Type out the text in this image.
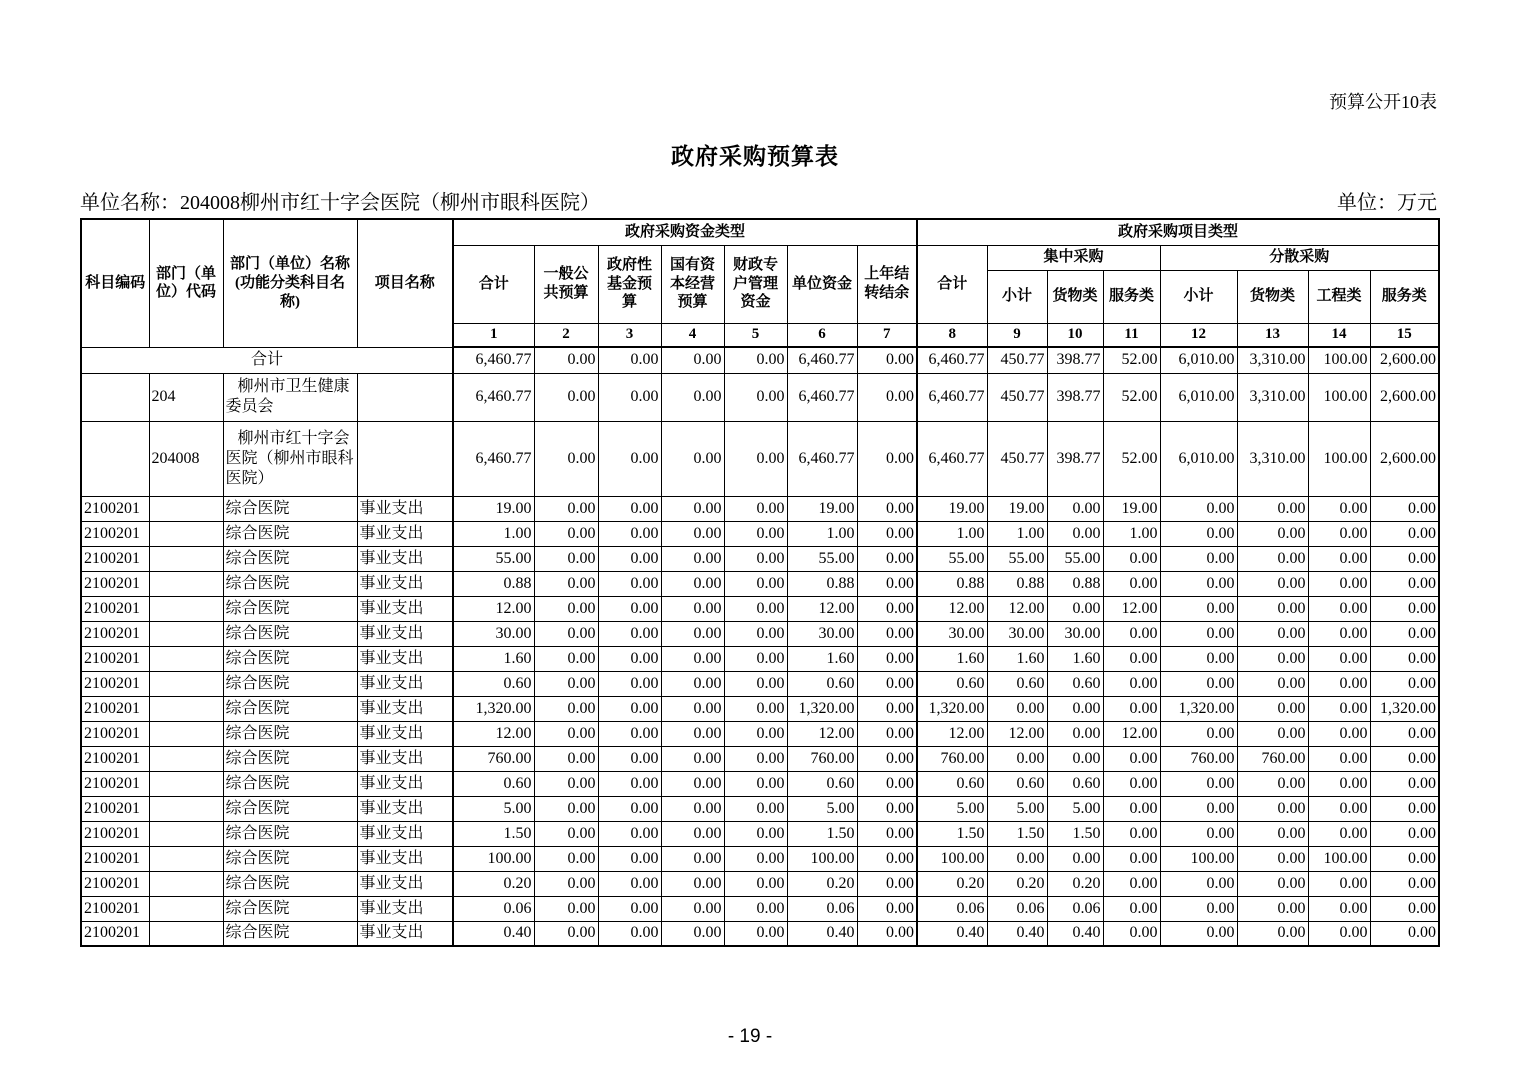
预算公开10表
政府采购预算表
单位名称：204008柳州市红十字会医院（柳州市眼科医院）	单位：万元
科目编码	部门（单位）代码	部门（单位）名称(功能分类科目名称)	项目名称	政府采购资金类型							政府采购项目类型							
				合计	一般公共预算	政府性基金预算	国有资本经营预算	财政专户管理资金	单位资金	上年结转结余	合计	集中采购			分散采购			
												小计	货物类	服务类	小计	货物类	工程类	服务类
				1	2	3	4	5	6	7	8	9	10	11	12	13	14	15
合计				6,460.77	0.00	0.00	0.00	0.00	6,460.77	0.00	6,460.77	450.77	398.77	52.00	6,010.00	3,310.00	100.00	2,600.00
	204	柳州市卫生健康委员会		6,460.77	0.00	0.00	0.00	0.00	6,460.77	0.00	6,460.77	450.77	398.77	52.00	6,010.00	3,310.00	100.00	2,600.00
	204008	柳州市红十字会医院（柳州市眼科医院）		6,460.77	0.00	0.00	0.00	0.00	6,460.77	0.00	6,460.77	450.77	398.77	52.00	6,010.00	3,310.00	100.00	2,600.00
2100201		综合医院	事业支出	19.00	0.00	0.00	0.00	0.00	19.00	0.00	19.00	19.00	0.00	19.00	0.00	0.00	0.00	0.00
2100201		综合医院	事业支出	1.00	0.00	0.00	0.00	0.00	1.00	0.00	1.00	1.00	0.00	1.00	0.00	0.00	0.00	0.00
2100201		综合医院	事业支出	55.00	0.00	0.00	0.00	0.00	55.00	0.00	55.00	55.00	55.00	0.00	0.00	0.00	0.00	0.00
2100201		综合医院	事业支出	0.88	0.00	0.00	0.00	0.00	0.88	0.00	0.88	0.88	0.88	0.00	0.00	0.00	0.00	0.00
2100201		综合医院	事业支出	12.00	0.00	0.00	0.00	0.00	12.00	0.00	12.00	12.00	0.00	12.00	0.00	0.00	0.00	0.00
2100201		综合医院	事业支出	30.00	0.00	0.00	0.00	0.00	30.00	0.00	30.00	30.00	30.00	0.00	0.00	0.00	0.00	0.00
2100201		综合医院	事业支出	1.60	0.00	0.00	0.00	0.00	1.60	0.00	1.60	1.60	1.60	0.00	0.00	0.00	0.00	0.00
2100201		综合医院	事业支出	0.60	0.00	0.00	0.00	0.00	0.60	0.00	0.60	0.60	0.60	0.00	0.00	0.00	0.00	0.00
2100201		综合医院	事业支出	1,320.00	0.00	0.00	0.00	0.00	1,320.00	0.00	1,320.00	0.00	0.00	0.00	1,320.00	0.00	0.00	1,320.00
2100201		综合医院	事业支出	12.00	0.00	0.00	0.00	0.00	12.00	0.00	12.00	12.00	0.00	12.00	0.00	0.00	0.00	0.00
2100201		综合医院	事业支出	760.00	0.00	0.00	0.00	0.00	760.00	0.00	760.00	0.00	0.00	0.00	760.00	760.00	0.00	0.00
2100201		综合医院	事业支出	0.60	0.00	0.00	0.00	0.00	0.60	0.00	0.60	0.60	0.60	0.00	0.00	0.00	0.00	0.00
2100201		综合医院	事业支出	5.00	0.00	0.00	0.00	0.00	5.00	0.00	5.00	5.00	5.00	0.00	0.00	0.00	0.00	0.00
2100201		综合医院	事业支出	1.50	0.00	0.00	0.00	0.00	1.50	0.00	1.50	1.50	1.50	0.00	0.00	0.00	0.00	0.00
2100201		综合医院	事业支出	100.00	0.00	0.00	0.00	0.00	100.00	0.00	100.00	0.00	0.00	0.00	100.00	0.00	100.00	0.00
2100201		综合医院	事业支出	0.20	0.00	0.00	0.00	0.00	0.20	0.00	0.20	0.20	0.20	0.00	0.00	0.00	0.00	0.00
2100201		综合医院	事业支出	0.06	0.00	0.00	0.00	0.00	0.06	0.00	0.06	0.06	0.06	0.00	0.00	0.00	0.00	0.00
2100201		综合医院	事业支出	0.40	0.00	0.00	0.00	0.00	0.40	0.00	0.40	0.40	0.40	0.00	0.00	0.00	0.00	0.00
- 19 -
